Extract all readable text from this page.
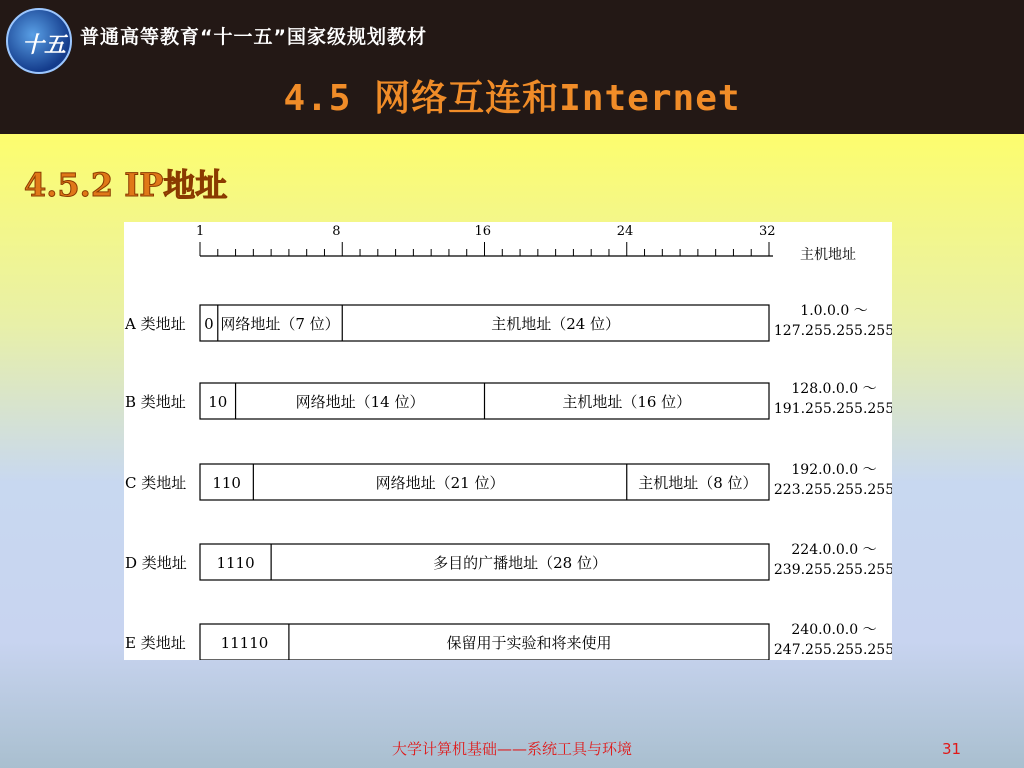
十五 普通高等教育“十一五”国家级规划教材
4.5 网络互连和Internet
4.5.2 IP地址
1	8	16	24	32
主机地址
A 类地址 0 网络地址（7 位）	主机地址（24 位）
1.0.0.0 ～
127.255.255.255
B 类地址 10	网络地址（14 位）	主机地址（16 位）
128.0.0.0 ～
191.255.255.255
C 类地址 110	网络地址（21 位）	主机地址（8 位）
192.0.0.0 ～
223.255.255.255
D 类地址 1110	多目的广播地址（28 位）
224.0.0.0 ～
239.255.255.255
E 类地址 11110	保留用于实验和将来使用
240.0.0.0 ～
247.255.255.255
大学计算机基础——系统工具与环境	31
